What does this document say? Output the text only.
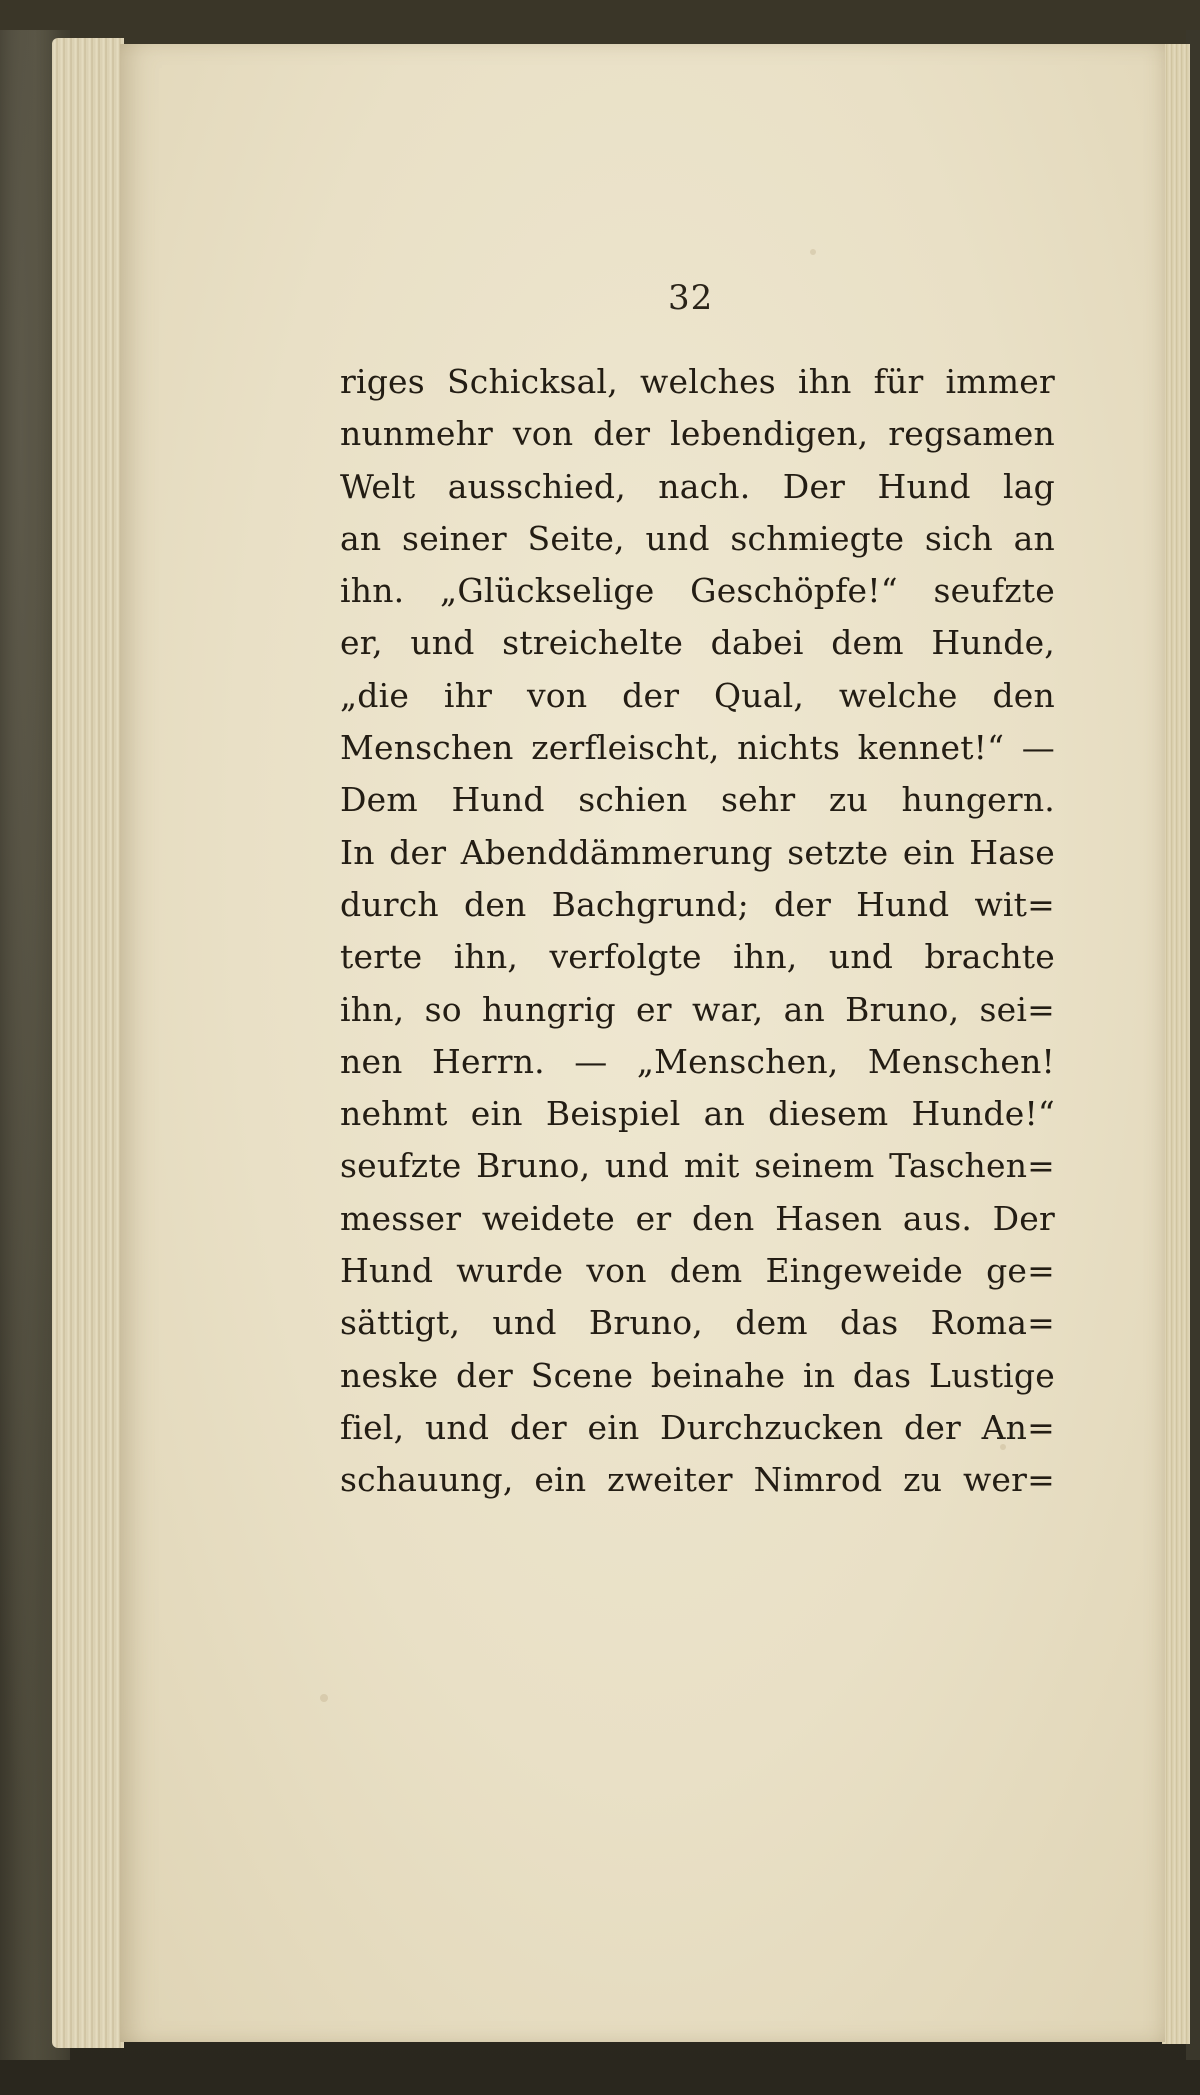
32

riges Schicksal, welches ihn für immer
nunmehr von der lebendigen, regsamen
Welt ausschied, nach. Der Hund lag
an seiner Seite, und schmiegte sich an
ihn. „Glückselige Geschöpfe!“ seufzte
er, und streichelte dabei dem Hunde,
„die ihr von der Qual, welche den
Menschen zerfleischt, nichts kennet!“ —
Dem Hund schien sehr zu hungern.
In der Abenddämmerung setzte ein Hase
durch den Bachgrund; der Hund wit=
terte ihn, verfolgte ihn, und brachte
ihn, so hungrig er war, an Bruno, sei=
nen Herrn. — „Menschen, Menschen!
nehmt ein Beispiel an diesem Hunde!“
seufzte Bruno, und mit seinem Taschen=
messer weidete er den Hasen aus. Der
Hund wurde von dem Eingeweide ge=
sättigt, und Bruno, dem das Roma=
neske der Scene beinahe in das Lustige
fiel, und der ein Durchzucken der An=
schauung, ein zweiter Nimrod zu wer=
